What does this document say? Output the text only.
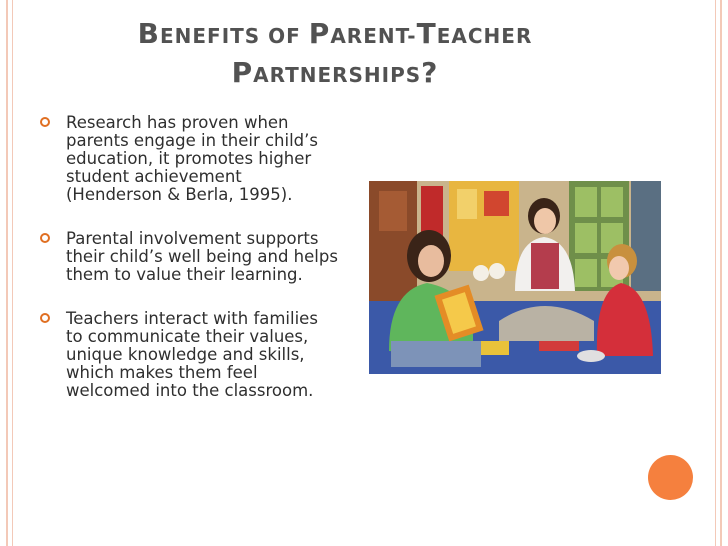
BENEFITS OF PARENT-TEACHER
PARTNERSHIPS?
Research has proven when parents engage in their child’s education, it promotes higher student achievement (Henderson & Berla, 1995).
Parental involvement supports their child’s well being and helps them to value their learning.
Teachers interact with families to communicate their values, unique knowledge and skills, which makes them feel welcomed into the classroom.
